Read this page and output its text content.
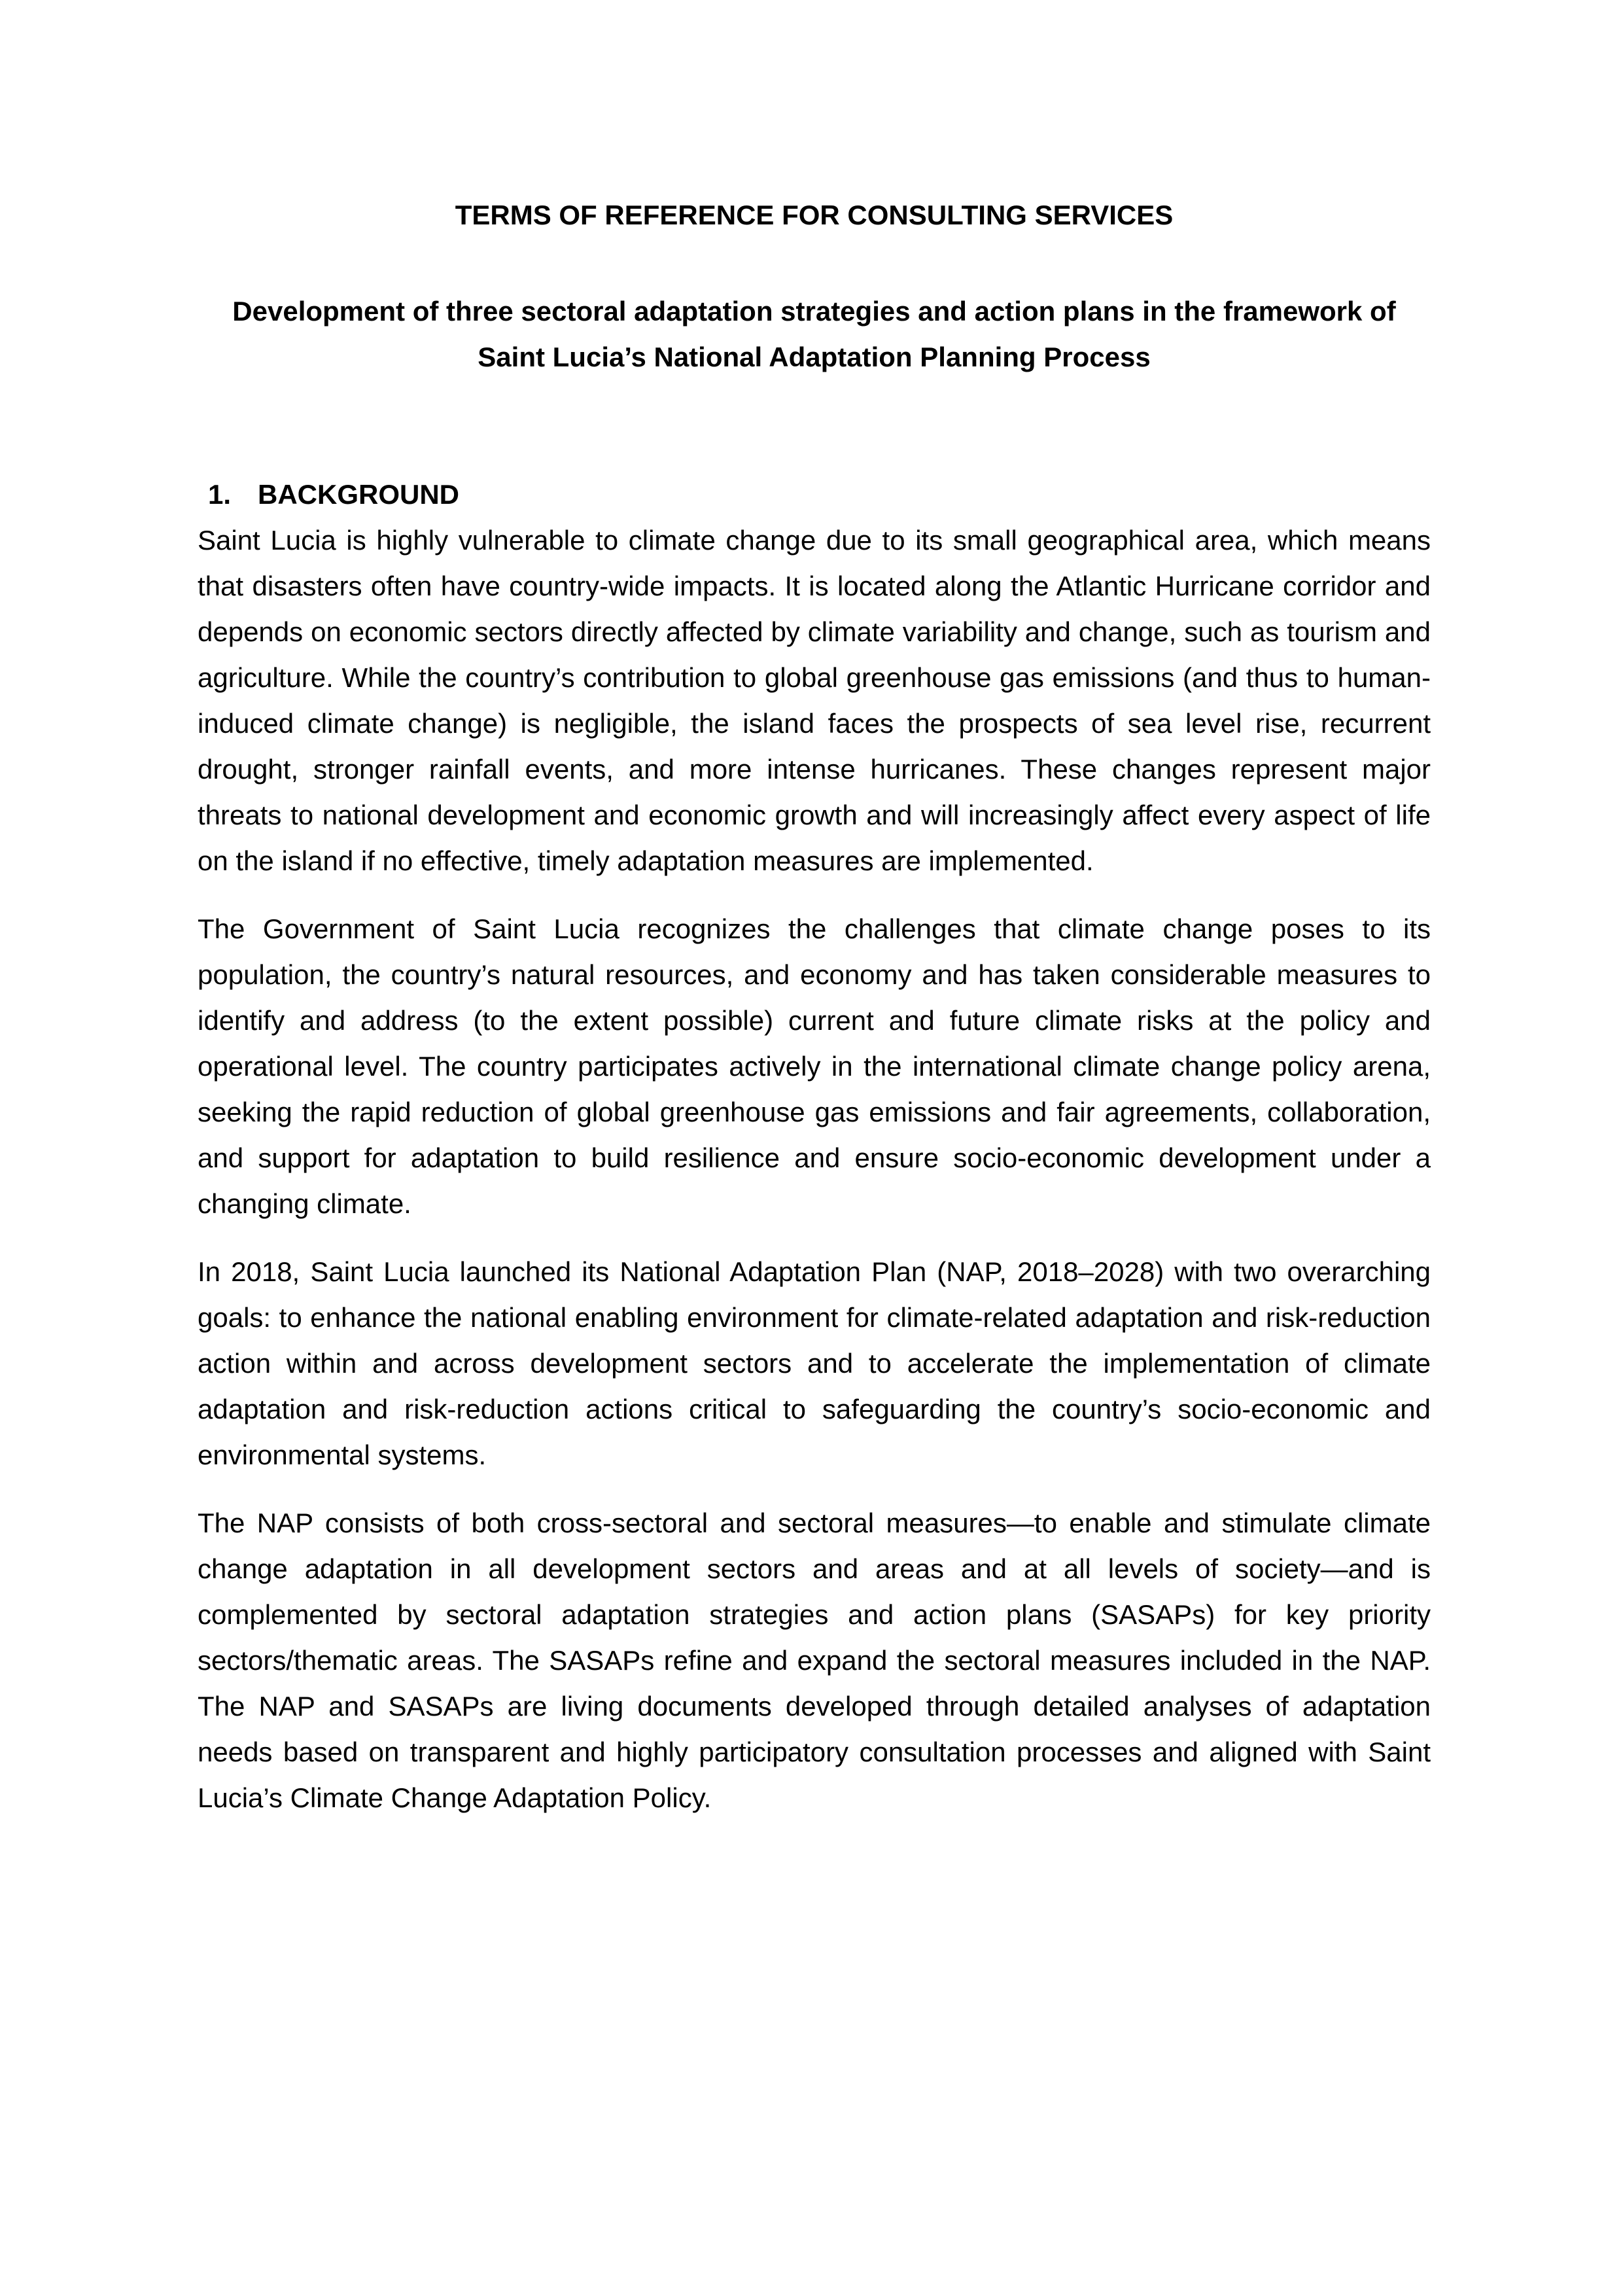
TERMS OF REFERENCE FOR CONSULTING SERVICES

Development of three sectoral adaptation strategies and action plans in the framework of
Saint Lucia’s National Adaptation Planning Process

1. BACKGROUND

Saint Lucia is highly vulnerable to climate change due to its small geographical area, which means that disasters often have country-wide impacts. It is located along the Atlantic Hurricane corridor and depends on economic sectors directly affected by climate variability and change, such as tourism and agriculture. While the country’s contribution to global greenhouse gas emissions (and thus to human-induced climate change) is negligible, the island faces the prospects of sea level rise, recurrent drought, stronger rainfall events, and more intense hurricanes. These changes represent major threats to national development and economic growth and will increasingly affect every aspect of life on the island if no effective, timely adaptation measures are implemented.

The Government of Saint Lucia recognizes the challenges that climate change poses to its population, the country’s natural resources, and economy and has taken considerable measures to identify and address (to the extent possible) current and future climate risks at the policy and operational level. The country participates actively in the international climate change policy arena, seeking the rapid reduction of global greenhouse gas emissions and fair agreements, collaboration, and support for adaptation to build resilience and ensure socio-economic development under a changing climate.

In 2018, Saint Lucia launched its National Adaptation Plan (NAP, 2018–2028) with two overarching goals: to enhance the national enabling environment for climate-related adaptation and risk-reduction action within and across development sectors and to accelerate the implementation of climate adaptation and risk-reduction actions critical to safeguarding the country’s socio-economic and environmental systems.

The NAP consists of both cross-sectoral and sectoral measures—to enable and stimulate climate change adaptation in all development sectors and areas and at all levels of society—and is complemented by sectoral adaptation strategies and action plans (SASAPs) for key priority sectors/thematic areas. The SASAPs refine and expand the sectoral measures included in the NAP. The NAP and SASAPs are living documents developed through detailed analyses of adaptation needs based on transparent and highly participatory consultation processes and aligned with Saint Lucia’s Climate Change Adaptation Policy.
